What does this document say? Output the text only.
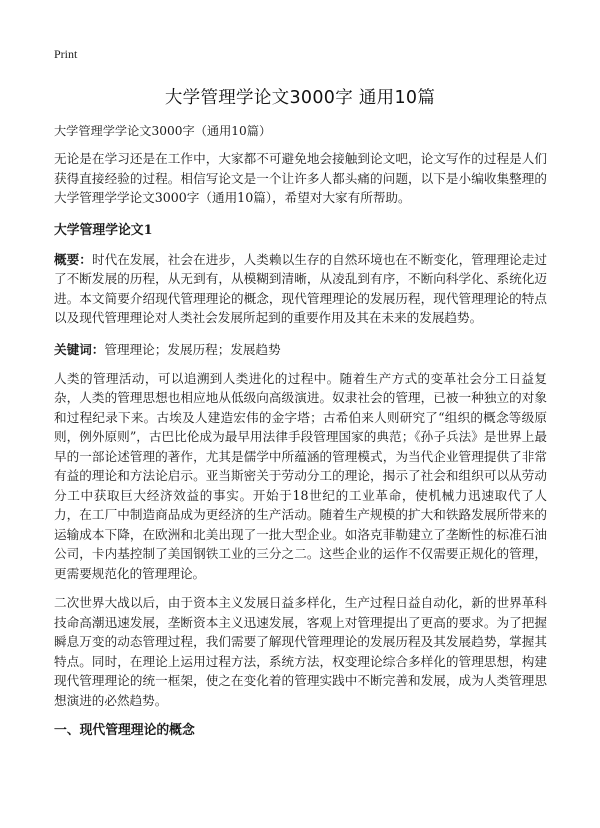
Print
大学管理学论文3000字 通用10篇
大学管理学学论文3000字（通用10篇）

无论是在学习还是在工作中，大家都不可避免地会接触到论文吧，论文写作的过程是人们获得直接经验的过程。相信写论文是一个让许多人都头痛的问题，以下是小编收集整理的大学管理学学论文3000字（通用10篇），希望对大家有所帮助。

大学管理学论文1

概要：时代在发展，社会在进步，人类赖以生存的自然环境也在不断变化，管理理论走过了不断发展的历程，从无到有，从模糊到清晰，从凌乱到有序，不断向科学化、系统化迈进。本文简要介绍现代管理理论的概念，现代管理理论的发展历程，现代管理理论的特点以及现代管理理论对人类社会发展所起到的重要作用及其在未来的发展趋势。

关键词：管理理论；发展历程；发展趋势

人类的管理活动，可以追溯到人类进化的过程中。随着生产方式的变革社会分工日益复杂，人类的管理思想也相应地从低级向高级演进。奴隶社会的管理，已被一种独立的对象和过程纪录下来。古埃及人建造宏伟的金字塔；古希伯来人则研究了“组织的概念等级原则，例外原则”，古巴比伦成为最早用法律手段管理国家的典范；《孙子兵法》是世界上最早的一部论述管理的著作，尤其是儒学中所蕴涵的管理模式，为当代企业管理提供了非常有益的理论和方法论启示。亚当斯密关于劳动分工的理论，揭示了社会和组织可以从劳动分工中获取巨大经济效益的事实。开始于18世纪的工业革命，使机械力迅速取代了人力，在工厂中制造商品成为更经济的生产活动。随着生产规模的扩大和铁路发展所带来的运输成本下降，在欧洲和北美出现了一批大型企业。如洛克菲勒建立了垄断性的标准石油公司，卡内基控制了美国钢铁工业的三分之二。这些企业的运作不仅需要正规化的管理，更需要规范化的管理理论。

二次世界大战以后，由于资本主义发展日益多样化，生产过程日益自动化，新的世界革科技命高潮迅速发展，垄断资本主义迅速发展，客观上对管理提出了更高的要求。为了把握瞬息万变的动态管理过程，我们需要了解现代管理理论的发展历程及其发展趋势，掌握其特点。同时，在理论上运用过程方法，系统方法，权变理论综合多样化的管理思想，构建现代管理理论的统一框架，使之在变化着的管理实践中不断完善和发展，成为人类管理思想演进的必然趋势。

一、现代管理理论的概念
